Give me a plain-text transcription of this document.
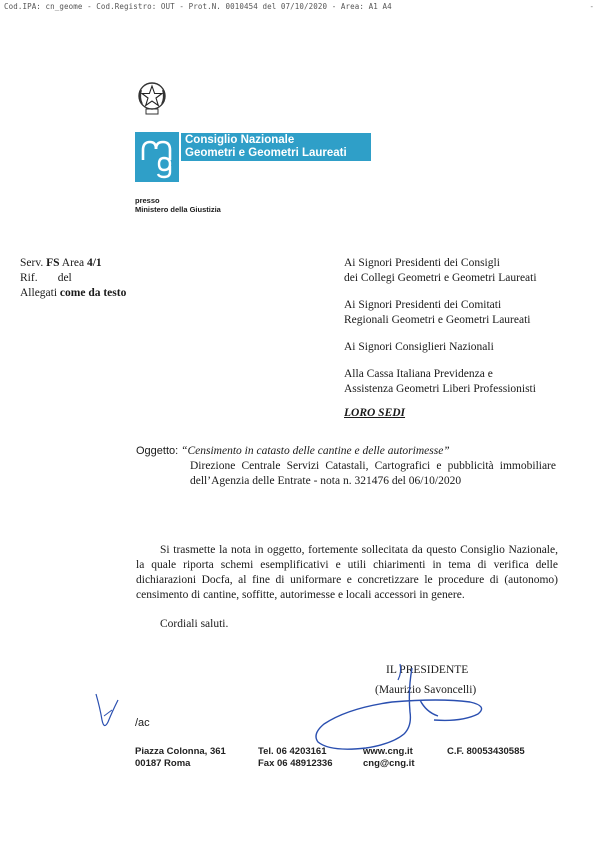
Cod.IPA: cn_geome - Cod.Registro: OUT - Prot.N. 0010454 del 07/10/2020 - Area: A1 A4	-
Consiglio Nazionale
Geometri e Geometri Laureati
presso
Ministero della Giustizia
Serv. FS Area 4/1
Rif. del
Allegati come da testo

Ai Signori Presidenti dei Consigli
dei Collegi Geometri e Geometri Laureati

Ai Signori Presidenti dei Comitati
Regionali Geometri e Geometri Laureati

Ai Signori Consiglieri Nazionali

Alla Cassa Italiana Previdenza e
Assistenza Geometri Liberi Professionisti

LORO SEDI
Oggetto: “Censimento in catasto delle cantine e delle autorimesse”
Direzione Centrale Servizi Catastali, Cartografici e pubblicità immobiliare dell’Agenzia delle Entrate - nota n. 321476 del 06/10/2020
Si trasmette la nota in oggetto, fortemente sollecitata da questo Consiglio Nazionale, la quale riporta schemi esemplificativi e utili chiarimenti in tema di verifica delle dichiarazioni Docfa, al fine di uniformare e concretizzare le procedure di (autonomo) censimento di cantine, soffitte, autorimesse e locali accessori in genere.
Cordiali saluti.
IL PRESIDENTE
(Maurizio Savoncelli)
/ac
Piazza Colonna, 361
00187 Roma
Tel. 06 4203161
Fax 06 48912336
www.cng.it
cng@cng.it
C.F. 80053430585
